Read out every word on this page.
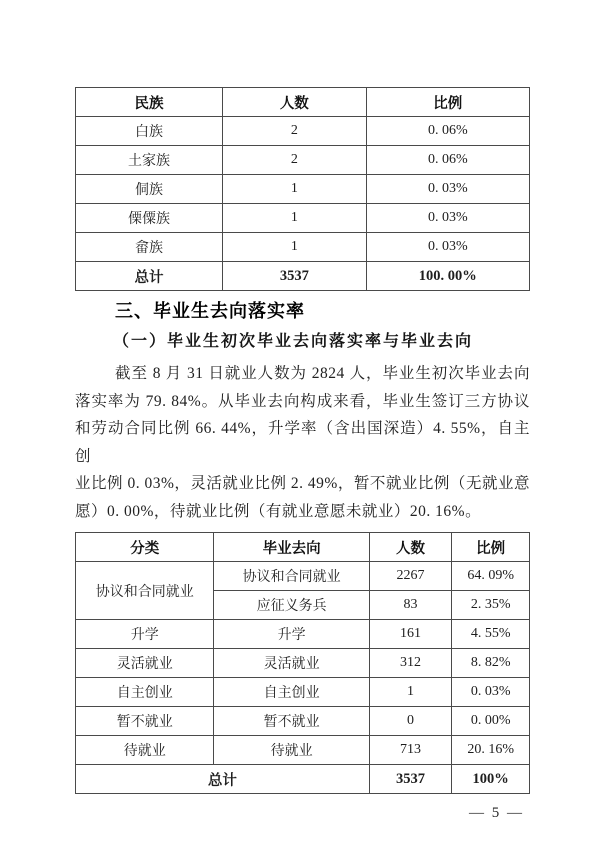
民族	人数	比例
白族	2	0. 06%
土家族	2	0. 06%
侗族	1	0. 03%
傈僳族	1	0. 03%
畲族	1	0. 03%
总计	3537	100. 00%
三、毕业生去向落实率
（一）毕业生初次毕业去向落实率与毕业去向
截至 8 月 31 日就业人数为 2824 人，毕业生初次毕业去向
落实率为 79. 84%。从毕业去向构成来看，毕业生签订三方协议
和劳动合同比例 66. 44%，升学率（含出国深造）4. 55%，自主创
业比例 0. 03%，灵活就业比例 2. 49%，暂不就业比例（无就业意
愿）0. 00%，待就业比例（有就业意愿未就业）20. 16%。
分类	毕业去向	人数	比例
协议和合同就业	协议和合同就业	2267	64. 09%
	应征义务兵	83	2. 35%
升学	升学	161	4. 55%
灵活就业	灵活就业	312	8. 82%
自主创业	自主创业	1	0. 03%
暂不就业	暂不就业	0	0. 00%
待就业	待就业	713	20. 16%
总计		3537	100%
— 5 —
